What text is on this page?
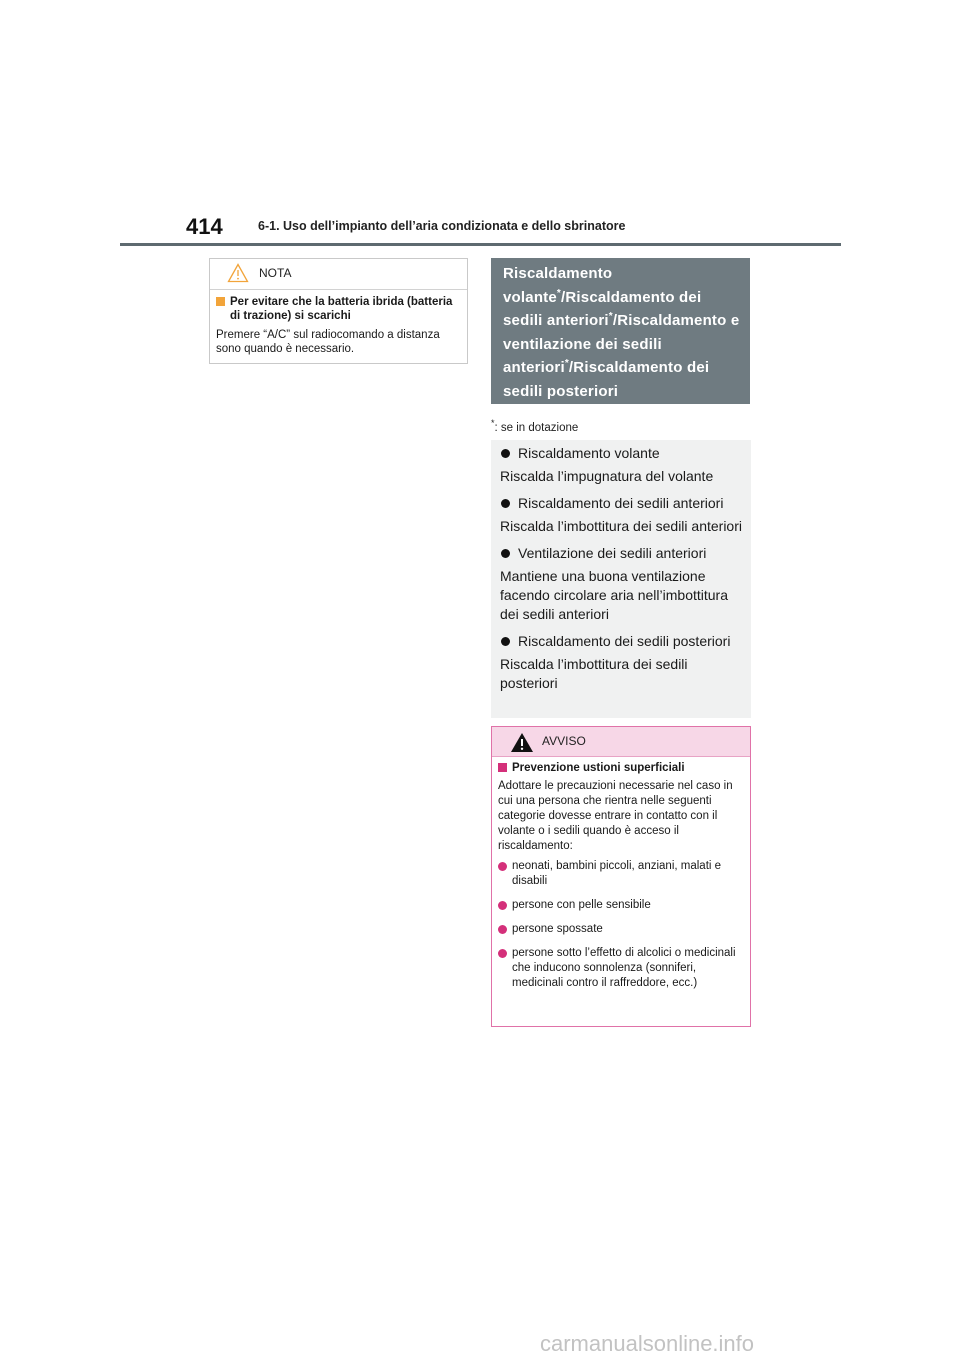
414	6-1. Uso dell’impianto dell’aria condizionata e dello sbrinatore
NOTA
Per evitare che la batteria ibrida (batteria di trazione) si scarichi
Premere “A/C” sul radiocomando a distanza sono quando è necessario.
Riscaldamento volante*/Riscaldamento dei sedili anteriori*/Riscaldamento e ventilazione dei sedili anteriori*/Riscaldamento dei sedili posteriori
*: se in dotazione
Riscaldamento volante
Riscalda l’impugnatura del volante
Riscaldamento dei sedili anteriori
Riscalda l’imbottitura dei sedili anteriori
Ventilazione dei sedili anteriori
Mantiene una buona ventilazione facendo circolare aria nell’imbottitura dei sedili anteriori
Riscaldamento dei sedili posteriori
Riscalda l’imbottitura dei sedili posteriori
AVVISO
Prevenzione ustioni superficiali
Adottare le precauzioni necessarie nel caso in cui una persona che rientra nelle seguenti categorie dovesse entrare in contatto con il volante o i sedili quando è acceso il riscaldamento:
neonati, bambini piccoli, anziani, malati e disabili
persone con pelle sensibile
persone spossate
persone sotto l’effetto di alcolici o medicinali che inducono sonnolenza (sonniferi, medicinali contro il raffreddore, ecc.)
carmanualsonline.info
